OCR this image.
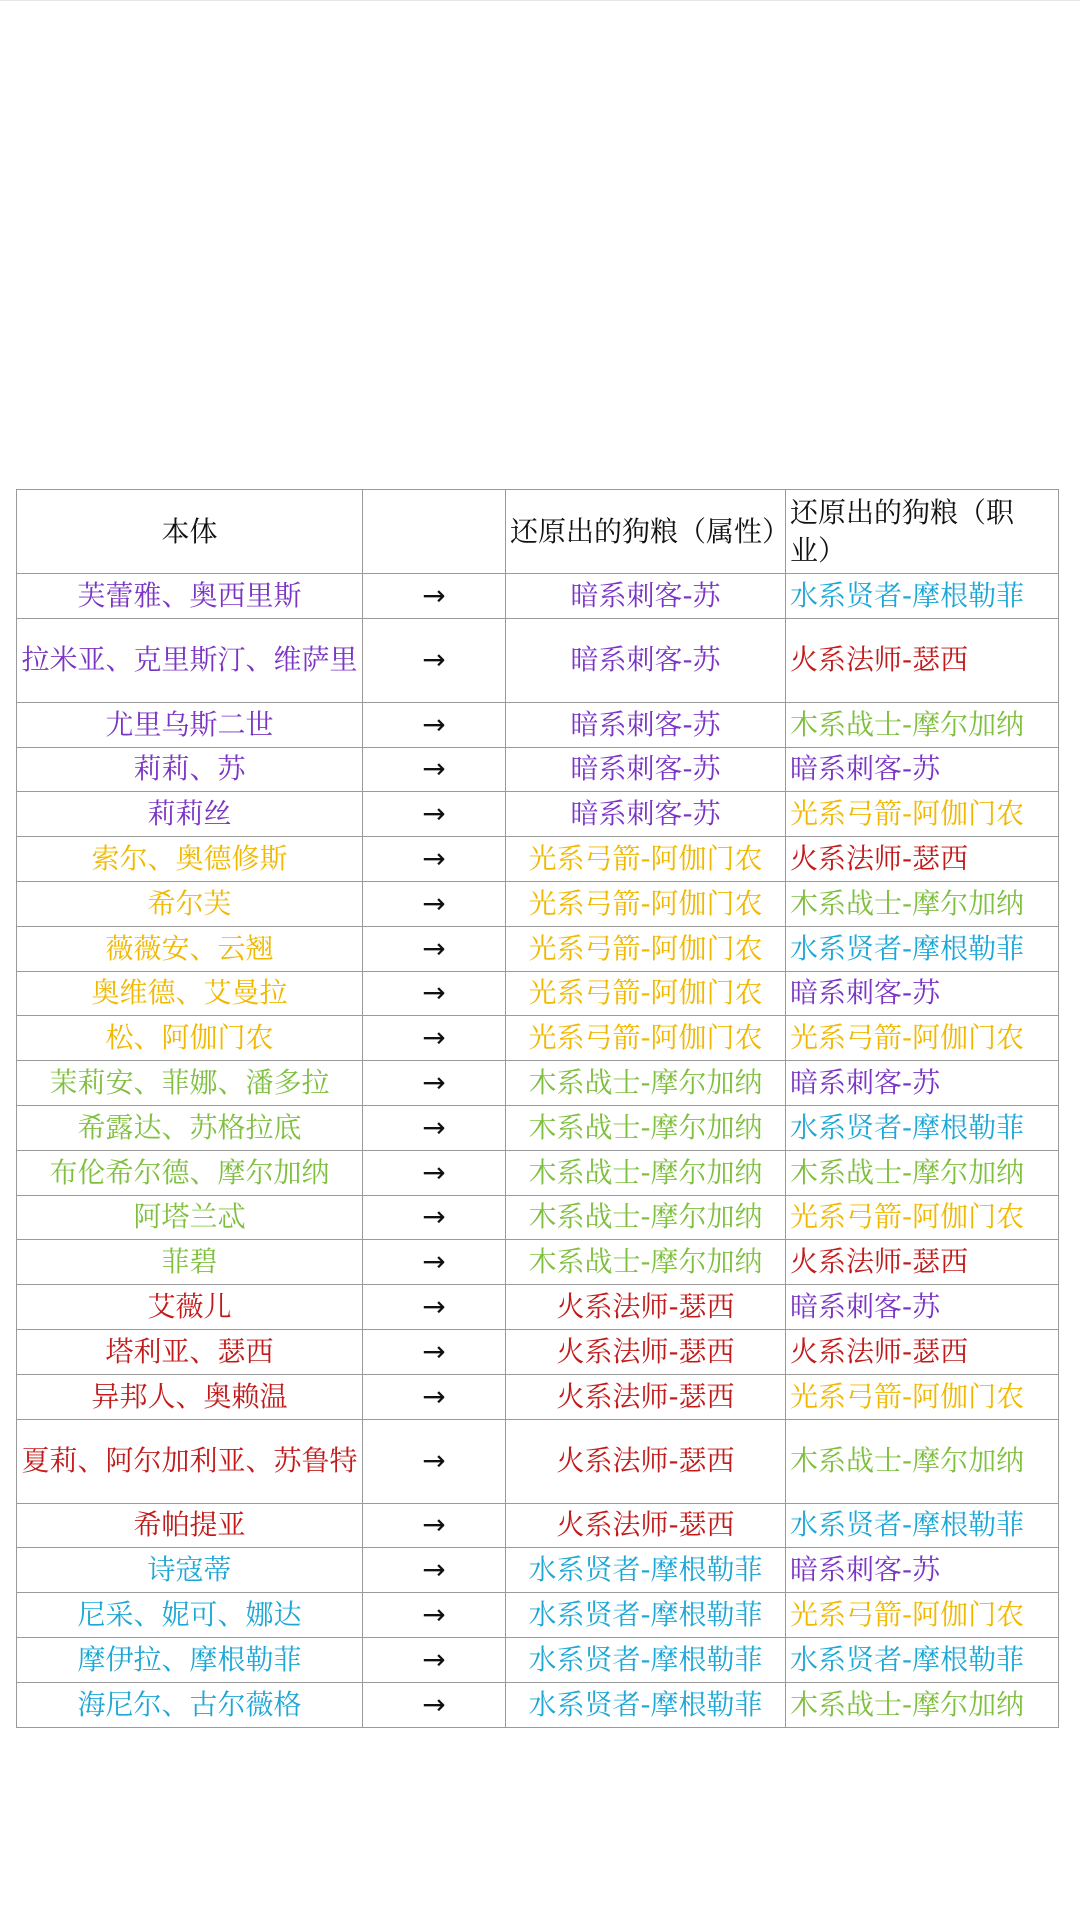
本体		还原出的狗粮（属性）	还原出的狗粮（职业）
芙蕾雅、奥西里斯	→	暗系刺客-苏	水系贤者-摩根勒菲
拉米亚、克里斯汀、维萨里	→	暗系刺客-苏	火系法师-瑟西
尤里乌斯二世	→	暗系刺客-苏	木系战士-摩尔加纳
莉莉、苏	→	暗系刺客-苏	暗系刺客-苏
莉莉丝	→	暗系刺客-苏	光系弓箭-阿伽门农
索尔、奥德修斯	→	光系弓箭-阿伽门农	火系法师-瑟西
希尔芙	→	光系弓箭-阿伽门农	木系战士-摩尔加纳
薇薇安、云翘	→	光系弓箭-阿伽门农	水系贤者-摩根勒菲
奥维德、艾曼拉	→	光系弓箭-阿伽门农	暗系刺客-苏
松、阿伽门农	→	光系弓箭-阿伽门农	光系弓箭-阿伽门农
茉莉安、菲娜、潘多拉	→	木系战士-摩尔加纳	暗系刺客-苏
希露达、苏格拉底	→	木系战士-摩尔加纳	水系贤者-摩根勒菲
布伦希尔德、摩尔加纳	→	木系战士-摩尔加纳	木系战士-摩尔加纳
阿塔兰忒	→	木系战士-摩尔加纳	光系弓箭-阿伽门农
菲碧	→	木系战士-摩尔加纳	火系法师-瑟西
艾薇儿	→	火系法师-瑟西	暗系刺客-苏
塔利亚、瑟西	→	火系法师-瑟西	火系法师-瑟西
异邦人、奥赖温	→	火系法师-瑟西	光系弓箭-阿伽门农
夏莉、阿尔加利亚、苏鲁特	→	火系法师-瑟西	木系战士-摩尔加纳
希帕提亚	→	火系法师-瑟西	水系贤者-摩根勒菲
诗寇蒂	→	水系贤者-摩根勒菲	暗系刺客-苏
尼采、妮可、娜达	→	水系贤者-摩根勒菲	光系弓箭-阿伽门农
摩伊拉、摩根勒菲	→	水系贤者-摩根勒菲	水系贤者-摩根勒菲
海尼尔、古尔薇格	→	水系贤者-摩根勒菲	木系战士-摩尔加纳
